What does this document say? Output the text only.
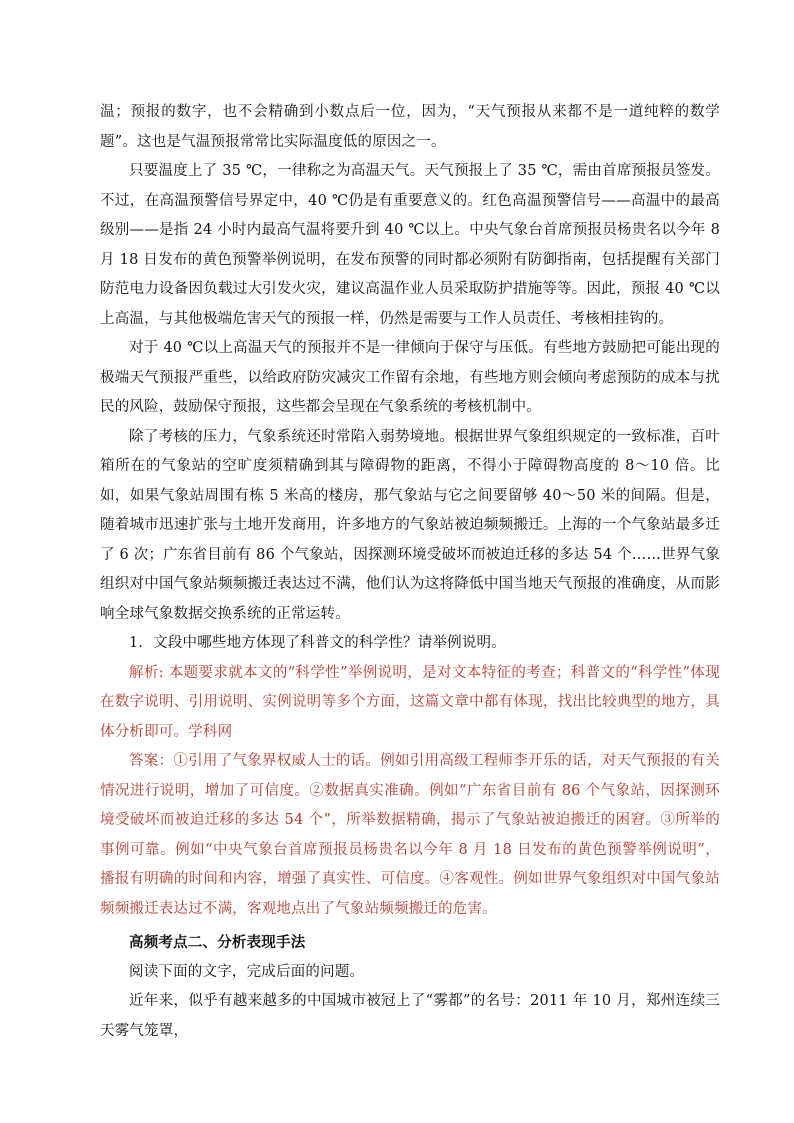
温；预报的数字，也不会精确到小数点后一位，因为，“天气预报从来都不是一道纯粹的数学题”。这也是气温预报常常比实际温度低的原因之一。

只要温度上了 35 ℃，一律称之为高温天气。天气预报上了 35 ℃，需由首席预报员签发。不过，在高温预警信号界定中，40 ℃仍是有重要意义的。红色高温预警信号——高温中的最高级别——是指 24 小时内最高气温将要升到 40 ℃以上。中央气象台首席预报员杨贵名以今年 8 月 18 日发布的黄色预警举例说明，在发布预警的同时都必须附有防御指南，包括提醒有关部门防范电力设备因负载过大引发火灾，建议高温作业人员采取防护措施等等。因此，预报 40 ℃以上高温，与其他极端危害天气的预报一样，仍然是需要与工作人员责任、考核相挂钩的。

对于 40 ℃以上高温天气的预报并不是一律倾向于保守与压低。有些地方鼓励把可能出现的极端天气预报严重些，以给政府防灾减灾工作留有余地，有些地方则会倾向考虑预防的成本与扰民的风险，鼓励保守预报，这些都会呈现在气象系统的考核机制中。

除了考核的压力，气象系统还时常陷入弱势境地。根据世界气象组织规定的一致标准，百叶箱所在的气象站的空旷度须精确到其与障碍物的距离，不得小于障碍物高度的 8～10 倍。比如，如果气象站周围有栋 5 米高的楼房，那气象站与它之间要留够 40～50 米的间隔。但是，随着城市迅速扩张与土地开发商用，许多地方的气象站被迫频频搬迁。上海的一个气象站最多迁了 6 次；广东省目前有 86 个气象站，因探测环境受破坏而被迫迁移的多达 54 个……世界气象组织对中国气象站频频搬迁表达过不满，他们认为这将降低中国当地天气预报的准确度，从而影响全球气象数据交换系统的正常运转。

1．文段中哪些地方体现了科普文的科学性？请举例说明。

解析: 本题要求就本文的“科学性”举例说明，是对文本特征的考查；科普文的“科学性”体现在数字说明、引用说明、实例说明等多个方面，这篇文章中都有体现，找出比较典型的地方，具体分析即可。学科网

答案：①引用了气象界权威人士的话。例如引用高级工程师李开乐的话，对天气预报的有关情况进行说明，增加了可信度。②数据真实准确。例如“广东省目前有 86 个气象站，因探测环境受破坏而被迫迁移的多达 54 个”，所举数据精确，揭示了气象站被迫搬迁的困窘。③所举的事例可靠。例如“中央气象台首席预报员杨贵名以今年 8 月 18 日发布的黄色预警举例说明”，播报有明确的时间和内容，增强了真实性、可信度。④客观性。例如世界气象组织对中国气象站频频搬迁表达过不满，客观地点出了气象站频频搬迁的危害。

高频考点二、分析表现手法

阅读下面的文字，完成后面的问题。

近年来，似乎有越来越多的中国城市被冠上了“雾都”的名号：2011 年 10 月，郑州连续三天雾气笼罩，
